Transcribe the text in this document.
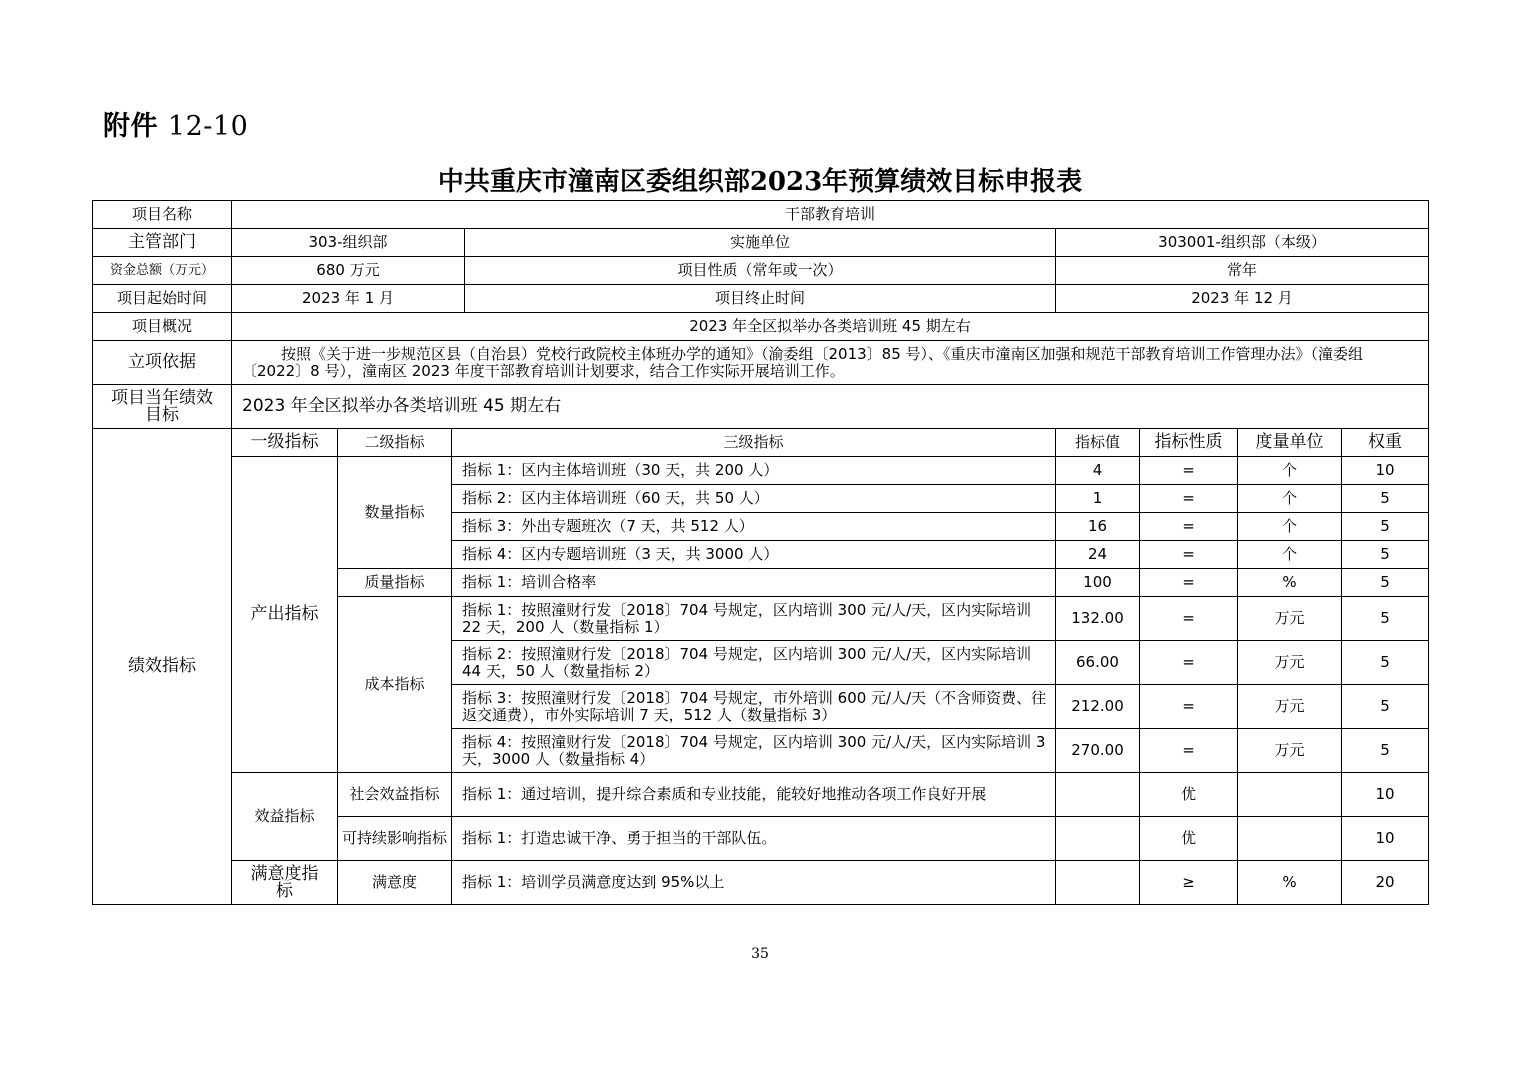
附件 12-10
中共重庆市潼南区委组织部2023年预算绩效目标申报表
项目名称	干部教育培训							
主管部门	303-组织部			实施单位	303001-组织部（本级）			
资金总额（万元）	680 万元			项目性质（常年或一次）	常年			
项目起始时间	2023 年 1 月			项目终止时间	2023 年 12 月			
项目概况	2023 年全区拟举办各类培训班 45 期左右							
立项依据	按照《关于进一步规范区县（自治县）党校行政院校主体班办学的通知》（渝委组〔2013〕85 号）、《重庆市潼南区加强和规范干部教育培训工作管理办法》（潼委组〔2022〕8 号），潼南区 2023 年度干部教育培训计划要求，结合工作实际开展培训工作。							
项目当年绩效目标	2023 年全区拟举办各类培训班 45 期左右							
绩效指标	一级指标	二级指标	三级指标		指标值	指标性质	度量单位	权重
	产出指标	数量指标	指标 1：区内主体培训班（30 天，共 200 人）		4	=	个	10
			指标 2：区内主体培训班（60 天，共 50 人）		1	=	个	5
			指标 3：外出专题班次（7 天，共 512 人）		16	=	个	5
			指标 4：区内专题培训班（3 天，共 3000 人）		24	=	个	5
		质量指标	指标 1：培训合格率		100	=	%	5
		成本指标	指标 1：按照潼财行发〔2018〕704 号规定，区内培训 300 元/人/天，区内实际培训 22 天，200 人（数量指标 1）		132.00	=	万元	5
			指标 2：按照潼财行发〔2018〕704 号规定，区内培训 300 元/人/天，区内实际培训 44 天，50 人（数量指标 2）		66.00	=	万元	5
			指标 3：按照潼财行发〔2018〕704 号规定，市外培训 600 元/人/天（不含师资费、往返交通费），市外实际培训 7 天，512 人（数量指标 3）		212.00	=	万元	5
			指标 4：按照潼财行发〔2018〕704 号规定，区内培训 300 元/人/天，区内实际培训 3 天，3000 人（数量指标 4）		270.00	=	万元	5
	效益指标	社会效益指标	指标 1：通过培训，提升综合素质和专业技能，能较好地推动各项工作良好开展			优		10
		可持续影响指标	指标 1：打造忠诚干净、勇于担当的干部队伍。			优		10
	满意度指标	满意度	指标 1：培训学员满意度达到 95%以上			≥	%	20
35
